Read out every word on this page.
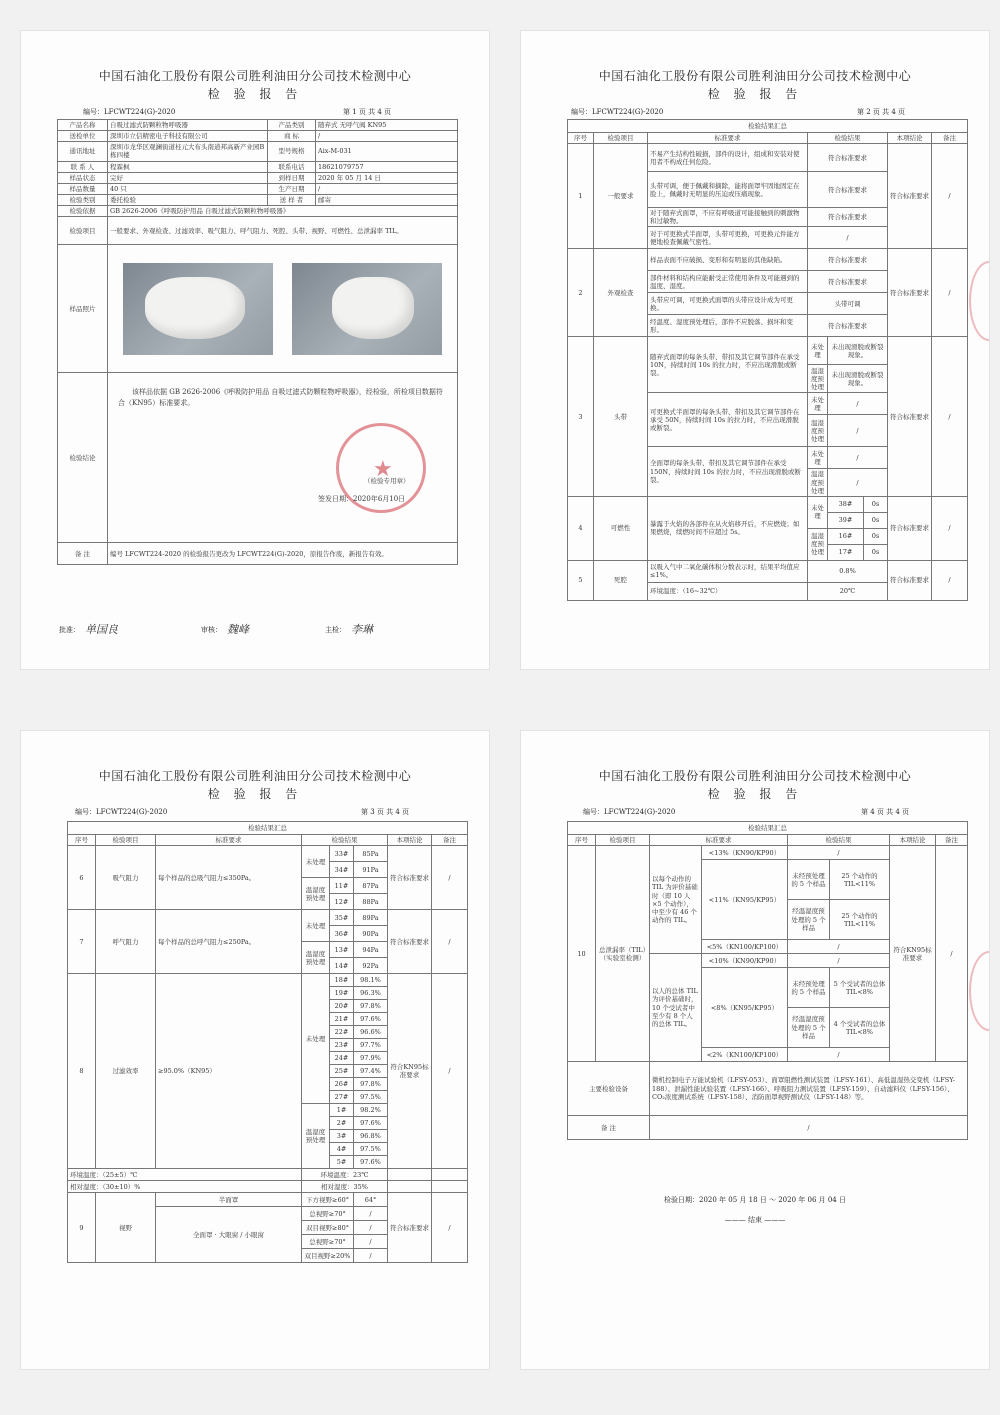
中国石油化工股份有限公司胜利油田分公司技术检测中心
检 验 报 告
编号：LFCWT224(G)-2020	第 1 页 共 4 页
产品名称	自吸过滤式防颗粒物呼吸器	产品类别	随弃式 无呼气阀 KN95
送检单位	深圳市立信精密电子科技有限公司	商 标	/
通讯地址	深圳市龙华区观澜街道桂元大布头南道邦高新产业园B栋四楼	型号规格	Aix-M-031
联 系 人	程霖枫	联系电话	18621079757
样品状态	完好	到样日期	2020 年 05 月 14 日
样品数量	40 只	生产日期	/
检验类别	委托检验	送 样 者	邮寄
检验依据	GB 2626-2006《呼吸防护用品 自吸过滤式防颗粒物呼吸器》		
检验项目	一般要求、外观检查、过滤效率、吸气阻力、呼气阻力、死腔、头带、视野、可燃性、总泄漏率 TIL。		
样品照片			

检验结论	该样品依据 GB 2626-2006《呼吸防护用品 自吸过滤式防颗粒物呼吸器》，经检验，所检项目数据符合（KN95）标准要求。
★
（检验专用章）
签发日期：2020年6月10日		

备 注	编号 LFCWT224-2020 的检验报告更改为 LFCWT224(G)-2020，原报告作废，新报告有效。		
批准： 单国良	审核： 魏峰	主检： 李琳
中国石油化工股份有限公司胜利油田分公司技术检测中心
检 验 报 告
编号：LFCWT224(G)-2020	第 2 页 共 4 页
检验结果汇总							
序号	检验项目	标准要求	检验结果			本项结论	备注
1	一般要求	不易产生结构性破损，部件的设计，组成和安装对使用者不构成任何危险。	符合标准要求			符合标准要求	/
		头带可调，便于佩戴和摘除，能将面罩牢固地固定在脸上，佩戴时无明显的压迫或压痛现象。	符合标准要求				
		对于随弃式面罩，不应有呼吸道可能接触到的刺激物和过敏物。	符合标准要求				
		对于可更换式半面罩，头带可更换，可更换元件能方便地检查佩戴气密性。	/				
2	外观检查	样品表面不应破损、变形和有明显的其他缺陷。	符合标准要求			符合标准要求	/
		部件材料和结构应能耐受正常使用条件及可能遇到的温度、湿度。	符合标准要求				
		头带应可调，可更换式面罩的头带应设计成为可更换。	头带可调				
		经温度、湿度预处理后，部件不应脱落、损坏和变形。	符合标准要求				
3	头带	随弃式面罩的每条头带、带扣及其它调节部件在承受 10N，持续时间 10s 的拉力时，不应出现滑脱或断裂。	未处理	未出现滑脱或断裂现象。		符合标准要求	/
			温湿度预处理	未出现滑脱或断裂现象。			
		可更换式半面罩的每条头带、带扣及其它调节部件在承受 50N，持续时间 10s 的拉力时，不应出现滑脱或断裂。	未处理	/			
			温湿度预处理	/			
		全面罩的每条头带、带扣及其它调节部件在承受 150N，持续时间 10s 的拉力时，不应出现滑脱或断裂。	未处理	/			
			温湿度预处理	/			
4	可燃性	暴露于火焰的各部件在从火焰移开后，不应燃烧；如果燃烧，续燃时间不应超过 5s。	未处理	38#	0s	符合标准要求	/
				39#	0s		
			温湿度预处理	16#	0s		
				17#	0s		
5	死腔	以吸入气中二氧化碳体积分数表示时，结果平均值应≤1%。	0.8%			符合标准要求	/
		环境温度：（16~32℃）	20℃				
中国石油化工股份有限公司胜利油田分公司技术检测中心
检 验 报 告
编号：LFCWT224(G)-2020	第 3 页 共 4 页
检验结果汇总							
序号	检验项目	标准要求	检验结果			本项结论	备注
6	吸气阻力	每个样品的总吸气阻力≤350Pa。	未处理	33#	85Pa	符合标准要求	/
				34#	91Pa		
			温湿度预处理	11#	87Pa		
				12#	88Pa		
7	呼气阻力	每个样品的总呼气阻力≤250Pa。	未处理	35#	89Pa	符合标准要求	/
				36#	90Pa		
			温湿度预处理	13#	94Pa		
				14#	92Pa		
8	过滤效率	≥95.0%（KN95）	未处理	18#	98.1%	符合KN95标准要求	/
				19#	96.3%		
				20#	97.8%		
				21#	97.6%		
				22#	96.6%		
				23#	97.7%		
				24#	97.9%		
				25#	97.4%		
				26#	97.8%		
				27#	97.5%		
			温湿度预处理	1#	98.2%		
				2#	97.6%		
				3#	96.8%		
				4#	97.5%		
				5#	97.6%		
环境温度：（25±5）℃			环境温度：23℃				
相对湿度：（30±10）%			相对湿度：35%				
9	视野	半面罩	下方视野≥60°		64°	符合标准要求	/
		全面罩 · 大眼窗 / 小眼窗	总视野≥70°		/		
			双目视野≥80°		/		
			总视野≥70°		/		
			双目视野≥20%		/		
中国石油化工股份有限公司胜利油田分公司技术检测中心
检 验 报 告
编号：LFCWT224(G)-2020	第 4 页 共 4 页
检验结果汇总							
序号	检验项目	标准要求		检验结果		本项结论	备注
10	总泄漏率（TIL）（实验室检测）	以每个动作的 TIL 为评价基础时（即 10 人×5 个动作），中至少有 46 个动作的 TIL。	<13%（KN90/KP90）	/		符合KN95标准要求	/
			<11%（KN95/KP95）	未经预处理的 5 个样品	25 个动作的 TIL<11%		
				经温湿度预处理的 5 个样品	25 个动作的 TIL<11%		
			<5%（KN100/KP100）	/			
		以人的总体 TIL 为评价基础时，10 个受试者中至少有 8 个人的总体 TIL。	<10%（KN90/KP90）	/			
			<8%（KN95/KP95）	未经预处理的 5 个样品	5 个受试者的总体 TIL<8%		
				经温湿度预处理的 5 个样品	4 个受试者的总体 TIL<8%		
			<2%（KN100/KP100）	/			
主要检验设备		微机控制电子万能试验机（LFSY-053）、面罩阻燃性测试装置（LFSY-161）、高低温湿热交变机（LFSY-188）、泄漏性能试验装置（LFSY-166）、呼吸阻力测试装置（LFSY-159）、自动滤料仪（LFSY-156）、CO₂浓度测试系统（LFSY-158）、消防面罩视野测试仪（LFSY-148）等。					
备 注		/					
检验日期：2020 年 05 月 18 日 ～ 2020 年 06 月 04 日
——— 结束 ———
